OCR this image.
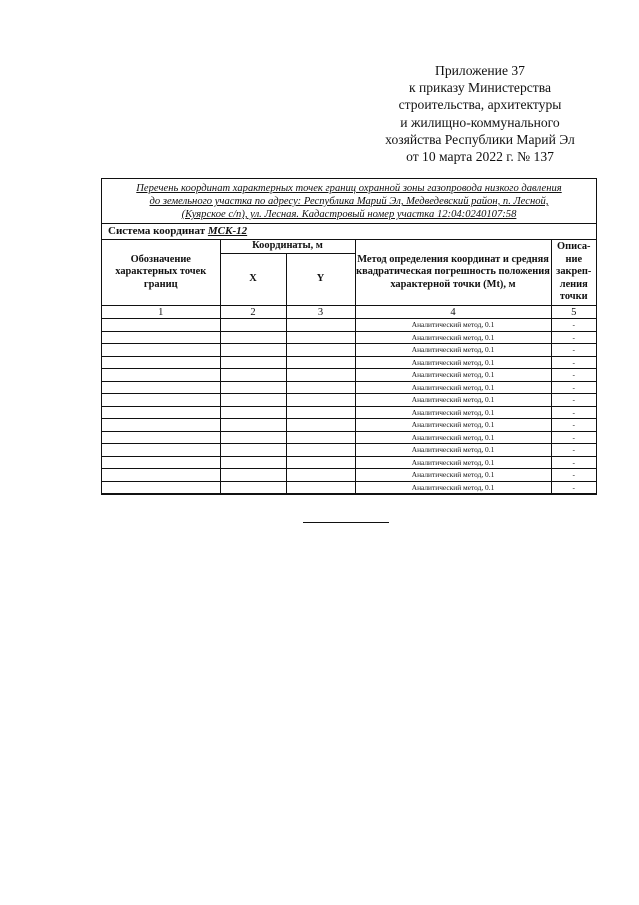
Приложение 37
к приказу Министерства
строительства, архитектуры
и жилищно-коммунального
хозяйства Республики Марий Эл
от 10 марта 2022 г. № 137
Перечень координат характерных точек границ охранной зоны газопровода низкого давления
до земельного участка по адресу: Республика Марий Эл, Медведевский район, п. Лесной,
(Куярское с/п), ул. Лесная. Кадастровый номер участка 12:04:0240107:58
Система координат МСК-12
Обозначение характерных точек границ	Координаты, м		Метод определения координат и средняя квадратическая погрешность положения характерной точки (Mt), м	Описа-ние закреп-ления точки
	X	Y		
1	2	3	4	5
			Аналитический метод, 0.1	-
			Аналитический метод, 0.1	-
			Аналитический метод, 0.1	-
			Аналитический метод, 0.1	-
			Аналитический метод, 0.1	-
			Аналитический метод, 0.1	-
			Аналитический метод, 0.1	-
			Аналитический метод, 0.1	-
			Аналитический метод, 0.1	-
			Аналитический метод, 0.1	-
			Аналитический метод, 0.1	-
			Аналитический метод, 0.1	-
			Аналитический метод, 0.1	-
			Аналитический метод, 0.1	-
